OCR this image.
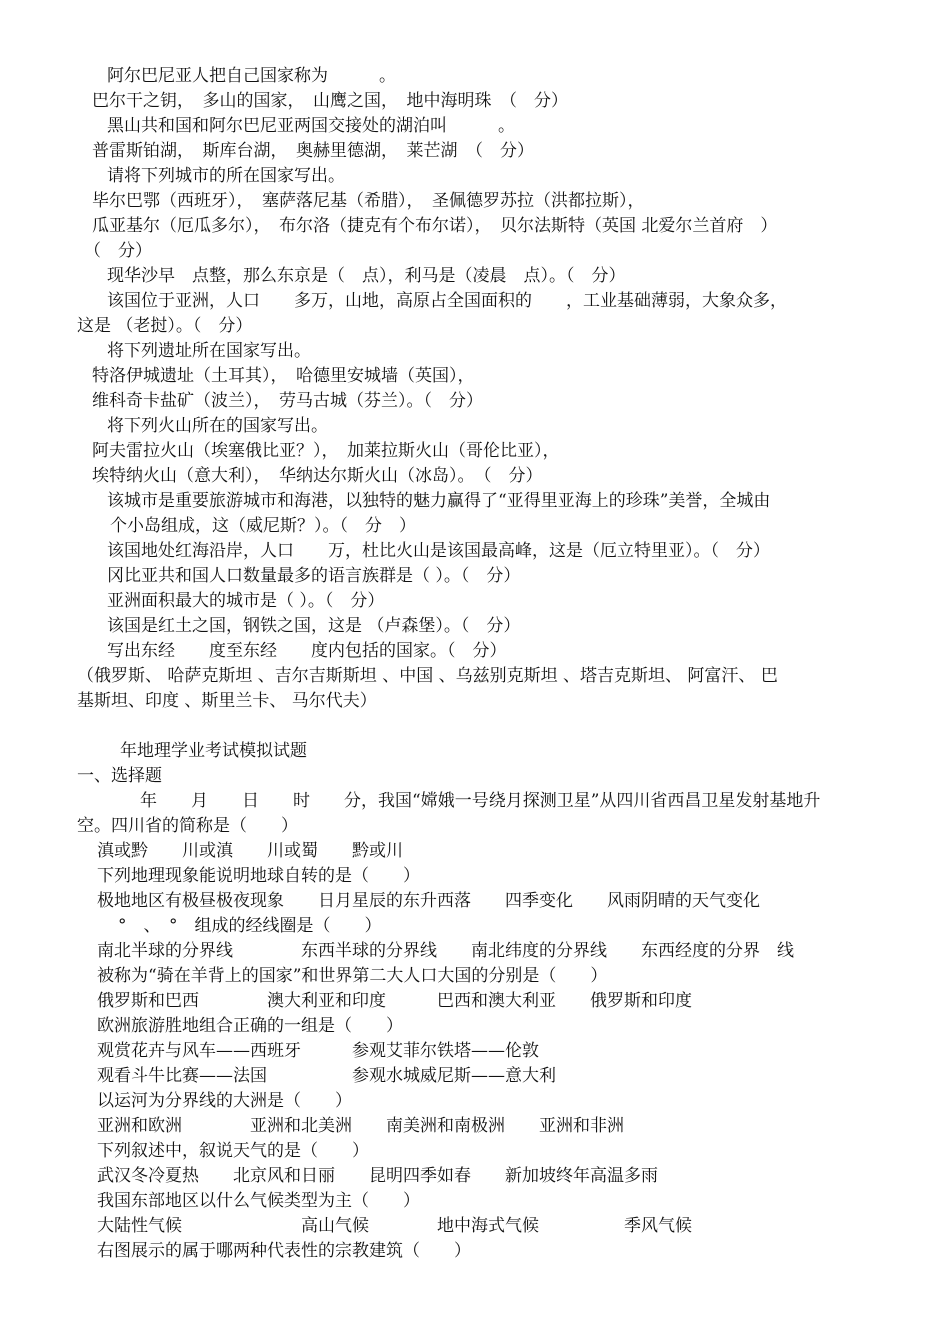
阿尔巴尼亚人把自己国家称为　　　。
巴尔干之钥，　多山的国家，　山鹰之国，　地中海明珠　（　分）
黑山共和国和阿尔巴尼亚两国交接处的湖泊叫　　　。
普雷斯铂湖，　斯库台湖，　奥赫里德湖，　莱芒湖　（　分）
请将下列城市的所在国家写出。
毕尔巴鄂（西班牙），　塞萨落尼基（希腊），　圣佩德罗苏拉（洪都拉斯），
瓜亚基尔（厄瓜多尔），　布尔洛（捷克有个布尔诺），　贝尔法斯特（英国 北爱尔兰首府　）
（　分）
现华沙早　点整，那么东京是（　点），利马是（凌晨　点）。（　分）
该国位于亚洲，人口　　多万，山地，高原占全国面积的　　，工业基础薄弱，大象众多，
这是 （老挝）。（　分）
将下列遗址所在国家写出。
特洛伊城遗址（土耳其），　哈德里安城墙（英国），
维科奇卡盐矿（波兰），　劳马古城（芬兰）。（　分）
将下列火山所在的国家写出。
阿夫雷拉火山（埃塞俄比亚？），　加莱拉斯火山（哥伦比亚），
埃特纳火山（意大利），　华纳达尔斯火山（冰岛）。　（　分）
该城市是重要旅游城市和海港，以独特的魅力赢得了“亚得里亚海上的珍珠”美誉，全城由
个小岛组成，这（威尼斯？）。（　分　）
该国地处红海沿岸，人口　　万，杜比火山是该国最高峰，这是（厄立特里亚）。（　分）
冈比亚共和国人口数量最多的语言族群是（ ）。（　分）
亚洲面积最大的城市是（ ）。（　分）
该国是红土之国，钢铁之国，这是 （卢森堡）。（　分）
写出东经　　度至东经　　度内包括的国家。（　分）
（俄罗斯、 哈萨克斯坦 、吉尔吉斯斯坦 、中国 、乌兹别克斯坦 、塔吉克斯坦、 阿富汗、 巴
基斯坦、印度 、斯里兰卡、 马尔代夫）
年地理学业考试模拟试题
一、选择题
年　　月　　日　　时　　分，我国“嫦娥一号绕月探测卫星”从四川省西昌卫星发射基地升
空。四川省的简称是（　　）
滇或黔　　川或滇　　川或蜀　　黔或川
下列地理现象能说明地球自转的是（　　）
极地地区有极昼极夜现象　　日月星辰的东升西落　　四季变化　　风雨阴晴的天气变化
°　、　°　组成的经线圈是（　　）
南北半球的分界线　　　　东西半球的分界线　　南北纬度的分界线　　东西经度的分界　线
被称为“骑在羊背上的国家”和世界第二大人口大国的分别是（　　）
俄罗斯和巴西　　　　澳大利亚和印度　　　巴西和澳大利亚　　俄罗斯和印度
欧洲旅游胜地组合正确的一组是（　　）
观赏花卉与风车——西班牙　　　参观艾菲尔铁塔——伦敦
观看斗牛比赛——法国　　　　　参观水城威尼斯——意大利
以运河为分界线的大洲是（　　）
亚洲和欧洲　　　　亚洲和北美洲　　南美洲和南极洲　　亚洲和非洲
下列叙述中，叙说天气的是（　　）
武汉冬冷夏热　　北京风和日丽　　昆明四季如春　　新加坡终年高温多雨
我国东部地区以什么气候类型为主（　　）
大陆性气候　　　　　　　高山气候　　　　地中海式气候　　　　　季风气候
右图展示的属于哪两种代表性的宗教建筑（　　）
